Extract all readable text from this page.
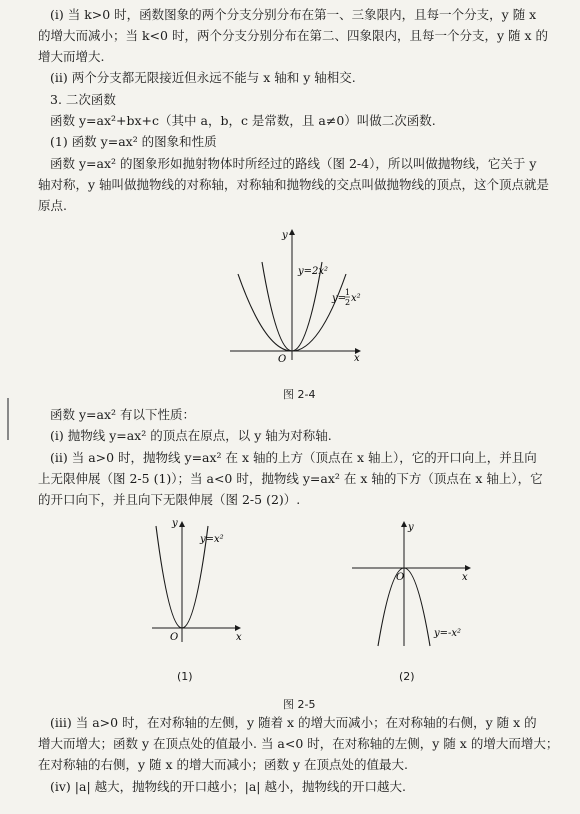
(i) 当 k>0 时，函数图象的两个分支分别分布在第一、三象限内，且每一个分支，y 随 x

的增大而减小；当 k<0 时，两个分支分别分布在第二、四象限内，且每一个分支，y 随 x 的

增大而增大.

(ii) 两个分支都无限接近但永远不能与 x 轴和 y 轴相交.

3. 二次函数

函数 y=ax²+bx+c（其中 a，b，c 是常数，且 a≠0）叫做二次函数.

(1) 函数 y=ax² 的图象和性质

函数 y=ax² 的图象形如抛射物体时所经过的路线（图 2-4），所以叫做抛物线，它关于 y

轴对称，y 轴叫做抛物线的对称轴，对称轴和抛物线的交点叫做抛物线的顶点，这个顶点就是

原点.

y
x
O
y=2x²
y=
1
2 x²
图 2-4

函数 y=ax² 有以下性质：

(i) 抛物线 y=ax² 的顶点在原点，以 y 轴为对称轴.

(ii) 当 a>0 时，抛物线 y=ax² 在 x 轴的上方（顶点在 x 轴上），它的开口向上，并且向

上无限伸展（图 2-5 (1)）；当 a<0 时，抛物线 y=ax² 在 x 轴的下方（顶点在 x 轴上），它

的开口向下，并且向下无限伸展（图 2-5 (2)）.

y
x
O
y=x²
(1)
y
x
O
y=-x²
(2)
图 2-5

(iii) 当 a>0 时，在对称轴的左侧，y 随着 x 的增大而减小；在对称轴的右侧，y 随 x 的

增大而增大；函数 y 在顶点处的值最小. 当 a<0 时，在对称轴的左侧，y 随 x 的增大而增大；

在对称轴的右侧，y 随 x 的增大而减小；函数 y 在顶点处的值最大.

(iv) |a| 越大，抛物线的开口越小；|a| 越小，抛物线的开口越大.
